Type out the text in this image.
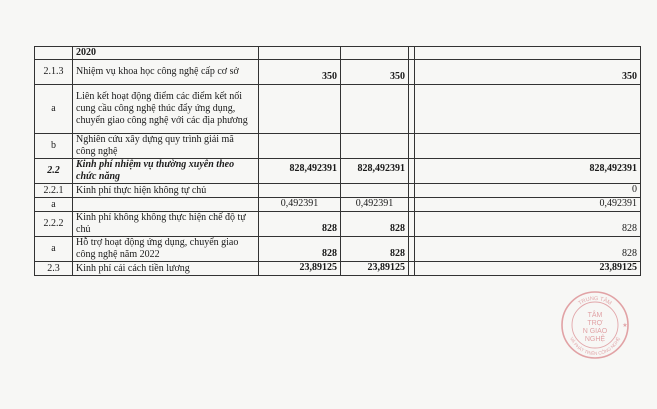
	2020				
2.1.3	Nhiệm vụ khoa học công nghệ cấp cơ sở	350	350		350
a	Liên kết hoạt động điểm các điểm kết nối cung cầu công nghệ thúc đẩy ứng dụng, chuyển giao công nghệ với các địa phương				
b	Nghiên cứu xây dựng quy trình giải mã công nghệ				
2.2	Kinh phí nhiệm vụ thường xuyên theo chức năng	828,492391	828,492391		828,492391
2.2.1	Kinh phí thực hiện không tự chủ				0
a		0,492391	0,492391		0,492391
2.2.2	Kinh phí không không thực hiện chế độ tự chủ	828	828		828
a	Hỗ trợ hoạt động ứng dụng, chuyển giao công nghệ năm 2022	828	828		828
2.3	Kinh phí cải cách tiền lương	23,89125	23,89125		23,89125
TRUNG TÂM
VÀ PHÁT TRIỂN CÔNG NGHỆ
TÂM
TRỢ
N GIAO
NGHỆ
★
